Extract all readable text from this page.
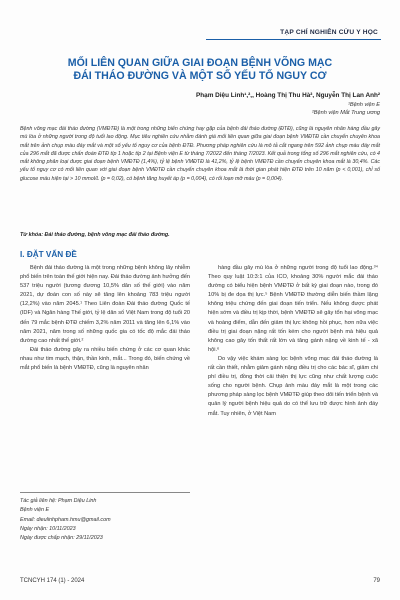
TẠP CHÍ NGHIÊN CỨU Y HỌC
MỐI LIÊN QUAN GIỮA GIAI ĐOẠN BỆNH VÕNG MẠC
ĐÁI THÁO ĐƯỜNG VÀ MỘT SỐ YẾU TỐ NGUY CƠ
Phạm Diệu Linh¹,²,, Hoàng Thị Thu Hà², Nguyễn Thị Lan Anh²
¹Bệnh viện E
²Bệnh viện Mắt Trung ương
Bệnh võng mạc đái tháo đường (VMĐTĐ) là một trong những biến chứng hay gặp của bệnh đái tháo đường (ĐTĐ), cũng là nguyên nhân hàng đầu gây mù lòa ở những người trong độ tuổi lao động. Mục tiêu nghiên cứu nhằm đánh giá mối liên quan giữa giai đoạn bệnh VMĐTĐ cần chuyển chuyên khoa mắt trên ảnh chụp màu đáy mắt và một số yếu tố nguy cơ của bệnh ĐTĐ. Phương pháp nghiên cứu là mô tả cắt ngang trên 592 ảnh chụp màu đáy mắt của 296 mắt đã được chẩn đoán ĐTĐ típ 1 hoặc típ 2 tại Bệnh viện E từ tháng 7/2022 đến tháng 7/2023. Kết quả trong tổng số 296 mắt nghiên cứu, có 4 mắt không phân loại được giai đoạn bệnh VMĐTĐ (1,4%), tỷ lệ bệnh VMĐTĐ là 41,2%, tỷ lệ bệnh VMĐTĐ cần chuyển chuyên khoa mắt là 30,4%. Các yếu tố nguy cơ có mối liên quan với giai đoạn bệnh VMĐTĐ cần chuyển chuyên khoa mắt là thời gian phát hiện ĐTĐ trên 10 năm (p < 0,001), chỉ số glucose máu hiện tại > 10 mmol/L (p = 0,02), có bệnh tăng huyết áp (p = 0,004), có rối loạn mỡ máu (p = 0,004).
Từ khóa: Đái tháo đường, bệnh võng mạc đái tháo đường.
I. ĐẶT VẤN ĐỀ

Bệnh đái tháo đường là một trong những bệnh không lây nhiễm phổ biến trên toàn thế giới hiện nay. Đái tháo đường ảnh hưởng đến 537 triệu người (tương đương 10,5% dân số thế giới) vào năm 2021, dự đoán con số này sẽ tăng lên khoảng 783 triệu người (12,2%) vào năm 2045.¹ Theo Liên đoàn Đái tháo đường Quốc tế (IDF) và Ngân hàng Thế giới, tỷ lệ dân số Việt Nam trong độ tuổi 20 đến 79 mắc bệnh ĐTĐ chiếm 3,2% năm 2011 và tăng lên 6,1% vào năm 2021, năm trong số những quốc gia có tốc độ mắc đái tháo đường cao nhất thế giới.²

Đái tháo đường gây ra nhiều biến chứng ở các cơ quan khác nhau như tim mạch, thận, thần kinh, mắt... Trong đó, biến chứng về mắt phổ biến là bệnh VMĐTĐ, cũng là nguyên nhân

hàng đầu gây mù lòa ở những người trong độ tuổi lao động.³⁴ Theo quy luật 10:3:1 của ICO, khoảng 30% người mắc đái tháo đường có biểu hiện bệnh VMĐTĐ ở bất kỳ giai đoạn nào, trong đó 10% bị đe dọa thị lực.⁵ Bệnh VMĐTĐ thường diễn biến thầm lặng không triệu chứng đến giai đoạn tiến triển. Nếu không được phát hiện sớm và điều trị kịp thời, bệnh VMĐTĐ sẽ gây tổn hại võng mạc và hoàng điểm, dẫn đến giảm thị lực không hồi phục, hơn nữa việc điều trị giai đoạn nặng rất tốn kém cho người bệnh mà hiệu quả không cao gây tốn thất rất lớn và tăng gánh nặng về kinh tế - xã hội.⁶

Do vậy việc khám sàng lọc bệnh võng mạc đái tháo đường là rất cần thiết, nhằm giảm gánh nặng điều trị cho các bác sĩ, giảm chi phí điều trị, đồng thời cải thiện thị lực cũng như chất lượng cuộc sống cho người bệnh. Chụp ảnh màu đáy mắt là một trong các phương pháp sàng lọc bệnh VMĐTĐ giúp theo dõi tiến triển bệnh và quản lý người bệnh hiệu quả do có thể lưu trữ được hình ảnh đáy mắt. Tuy nhiên, ở Việt Nam

Tác giả liên hệ: Phạm Diệu Linh
Bệnh viện E
Email: dieulinhpham.hmu@gmail.com
Ngày nhận: 10/11/2023
Ngày được chấp nhận: 29/11/2023
TCNCYH 174 (1) - 2024	79
